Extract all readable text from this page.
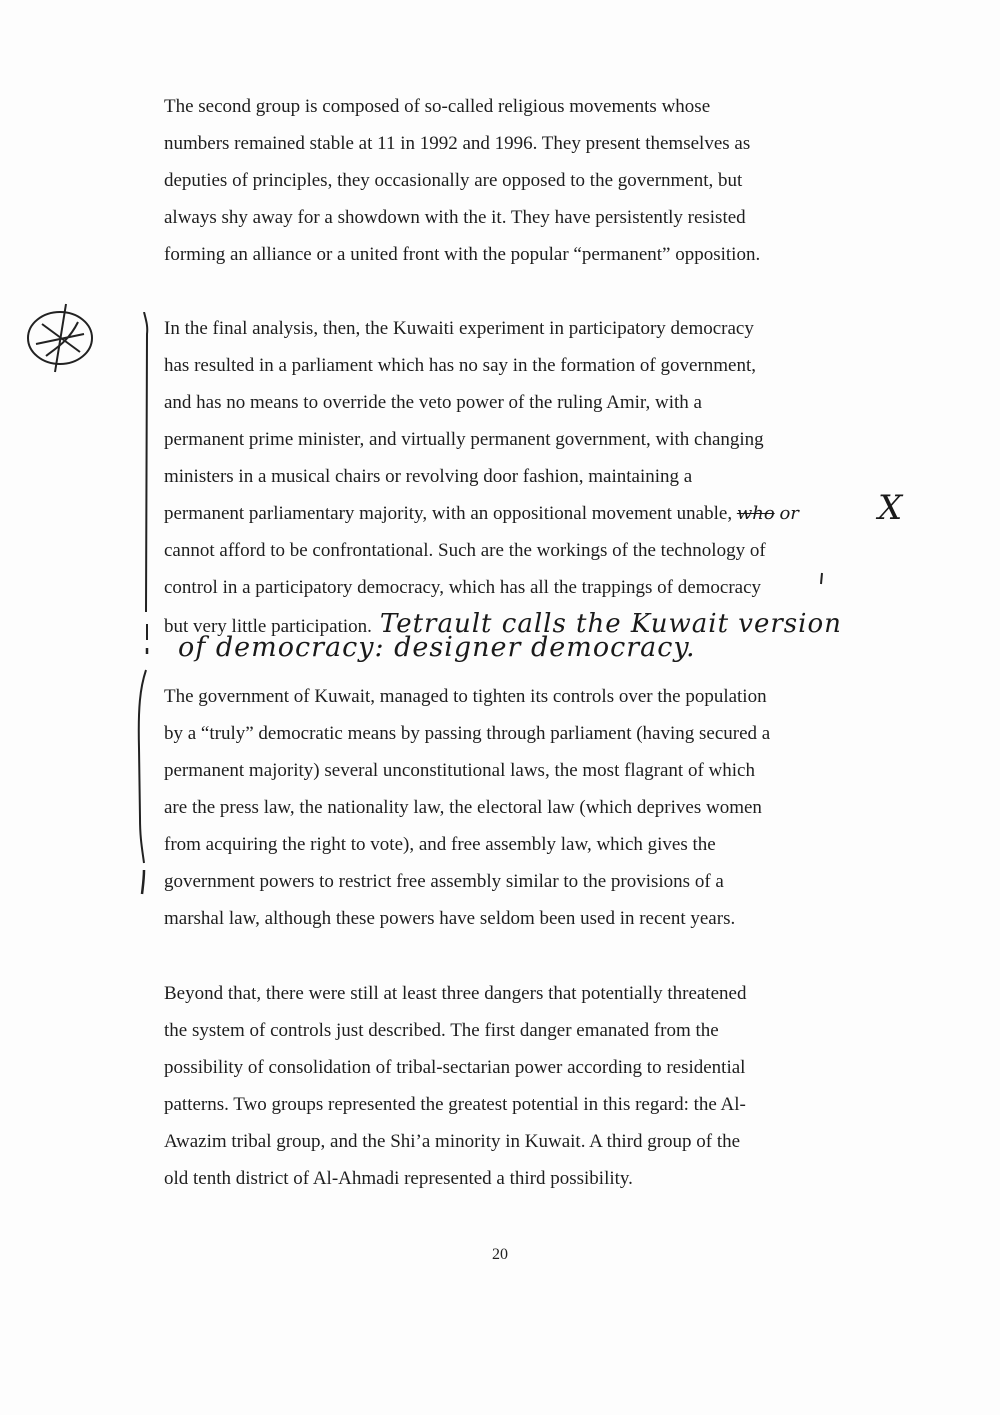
The second group is composed of so-called religious movements whose
numbers remained stable at 11 in 1992 and 1996. They present themselves as
deputies of principles, they occasionally are opposed to the government, but
always shy away for a showdown with the it. They have persistently resisted
forming an alliance or a united front with the popular “permanent” opposition.
In the final analysis, then, the Kuwaiti experiment in participatory democracy
has resulted in a parliament which has no say in the formation of government,
and has no means to override the veto power of the ruling Amir, with a
permanent prime minister, and virtually permanent government, with changing
ministers in a musical chairs or revolving door fashion, maintaining a
permanent parliamentary majority, with an oppositional movement unable, who or
cannot afford to be confrontational. Such are the workings of the technology of
control in a participatory democracy, which has all the trappings of democracy
but very little participation. Tetrault calls the Kuwait version
X
of democracy: designer democracy.
The government of Kuwait, managed to tighten its controls over the population
by a “truly” democratic means by passing through parliament (having secured a
permanent majority) several unconstitutional laws, the most flagrant of which
are the press law, the nationality law, the electoral law (which deprives women
from acquiring the right to vote), and free assembly law, which gives the
government powers to restrict free assembly similar to the provisions of a
marshal law, although these powers have seldom been used in recent years.
Beyond that, there were still at least three dangers that potentially threatened
the system of controls just described. The first danger emanated from the
possibility of consolidation of tribal-sectarian power according to residential
patterns. Two groups represented the greatest potential in this regard: the Al-
Awazim tribal group, and the Shi’a minority in Kuwait. A third group of the
old tenth district of Al-Ahmadi represented a third possibility.
20
